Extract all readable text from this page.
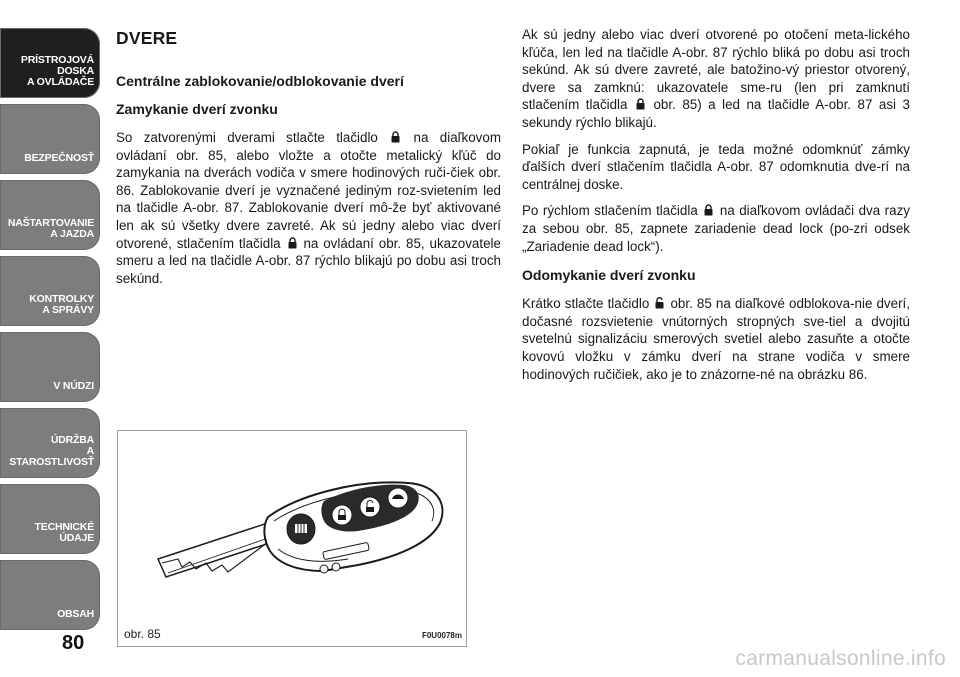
PRÍSTROJOVÁ
DOSKA
A OVLÁDAČE
BEZPEČNOSŤ
NAŠTARTOVANIE
A JAZDA
KONTROLKY
A SPRÁVY
V NÚDZI
ÚDRŽBA
A STAROSTLIVOSŤ
TECHNICKÉ ÚDAJE
OBSAH
80
DVERE
Centrálne zablokovanie/odblokovanie dverí
Zamykanie dverí zvonku

So zatvorenými dverami stlačte tlačidlo	na diaľkovom ovládaní obr. 85, alebo vložte a otočte metalický kľúč do zamykania na dverách vodiča v smere hodinových ruči-čiek obr. 86. Zablokovanie dverí je vyznačené jediným roz-svietením led na tlačidle A-obr. 87. Zablokovanie dverí mô-že byť aktivované len ak sú všetky dvere zavreté. Ak sú jedny alebo viac dverí otvorené, stlačením tlačidla na ovládaní obr. 85, ukazovatele smeru a led na tlačidle A-obr. 87 rýchlo blikajú po dobu asi troch sekúnd.

Ak sú jedny alebo viac dverí otvorené po otočení meta-lického kľúča, len led na tlačidle A-obr. 87 rýchlo bliká po dobu asi troch sekúnd. Ak sú dvere zavreté, ale batožino-vý priestor otvorený, dvere sa zamknú: ukazovatele sme-ru (len pri zamknutí stlačením tlačidla obr. 85) a led na tlačidle A-obr. 87 asi 3 sekundy rýchlo blikajú.

Pokiaľ je funkcia zapnutá, je teda možné odomknúť zámky ďalších dverí stlačením tlačidla A-obr. 87 odomknutia dve-rí na centrálnej doske.

Po rýchlom stlačením tlačidla na diaľkovom ovládači dva razy za sebou obr. 85, zapnete zariadenie dead lock (po-zri odsek „Zariadenie dead lock“).

Odomykanie dverí zvonku

Krátko stlačte tlačidlo obr. 85 na diaľkové odblokova-nie dverí, dočasné rozsvietenie vnútorných stropných sve-tiel a dvojitú svetelnú signalizáciu smerových svetiel alebo zasuňte a otočte kovovú vložku v zámku dverí na strane vodiča v smere hodinových ručičiek, ako je to znázorne-né na obrázku 86.

obr. 85	F0U0078m
carmanualsonline.info
